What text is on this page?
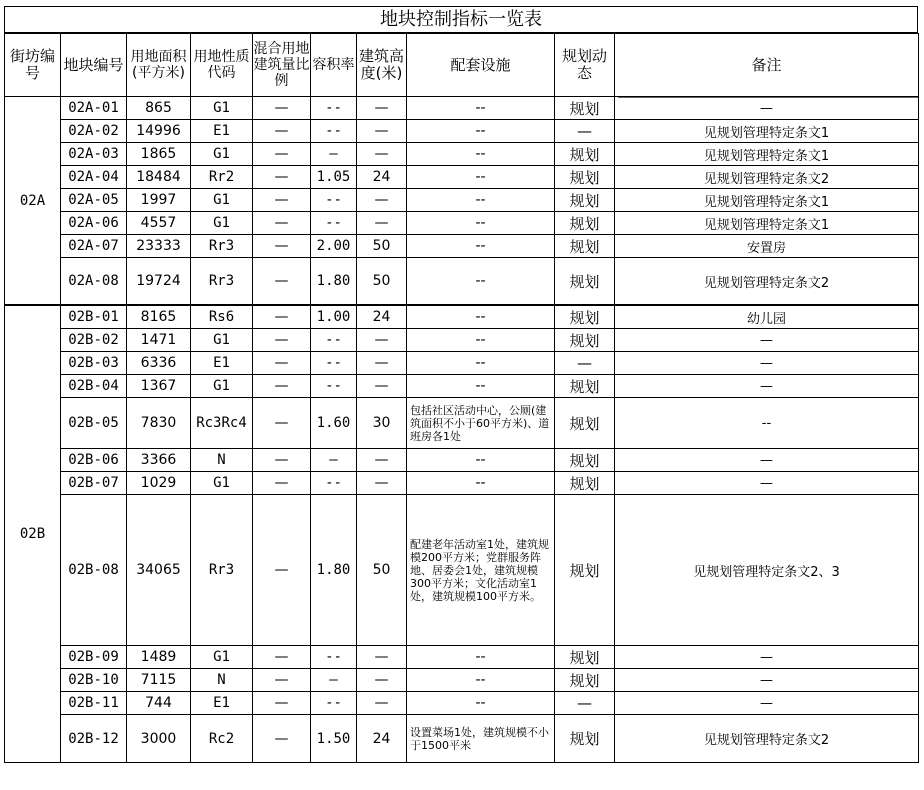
地块控制指标一览表
街坊编号	地块编号	用地面积(平方米)	用地性质代码	混合用地建筑量比例	容积率	建筑高度(米)	配套设施	规划动态	备注
02A	02A-01	865	G1	—	--	—	--	规划	—
	02A-02	14996	E1	—	--	—	--	—	见规划管理特定条文1
	02A-03	1865	G1	—	—	—	--	规划	见规划管理特定条文1
	02A-04	18484	Rr2	—	1.05	24	--	规划	见规划管理特定条文2
	02A-05	1997	G1	—	--	—	--	规划	见规划管理特定条文1
	02A-06	4557	G1	—	--	—	--	规划	见规划管理特定条文1
	02A-07	23333	Rr3	—	2.00	50	--	规划	安置房
	02A-08	19724	Rr3	—	1.80	50	--	规划	见规划管理特定条文2
02B	02B-01	8165	Rs6	—	1.00	24	--	规划	幼儿园
	02B-02	1471	G1	—	--	—	--	规划	—
	02B-03	6336	E1	—	--	—	--	—	—
	02B-04	1367	G1	—	--	—	--	规划	—
	02B-05	7830	Rc3Rc4	—	1.60	30	包括社区活动中心，公厕(建筑面积不小于60平方米)、道班房各1处	规划	--
	02B-06	3366	N	—	—	—	--	规划	—
	02B-07	1029	G1	—	--	—	--	规划	—
	02B-08	34065	Rr3	—	1.80	50	配建老年活动室1处，建筑规模200平方米；党群服务阵地、居委会1处，建筑规模300平方米；文化活动室1处，建筑规模100平方米。	规划	见规划管理特定条文2、3
	02B-09	1489	G1	—	--	—	--	规划	—
	02B-10	7115	N	—	—	—	--	规划	—
	02B-11	744	E1	—	--	—	--	—	—
	02B-12	3000	Rc2	—	1.50	24	设置菜场1处，建筑规模不小于1500平米	规划	见规划管理特定条文2
